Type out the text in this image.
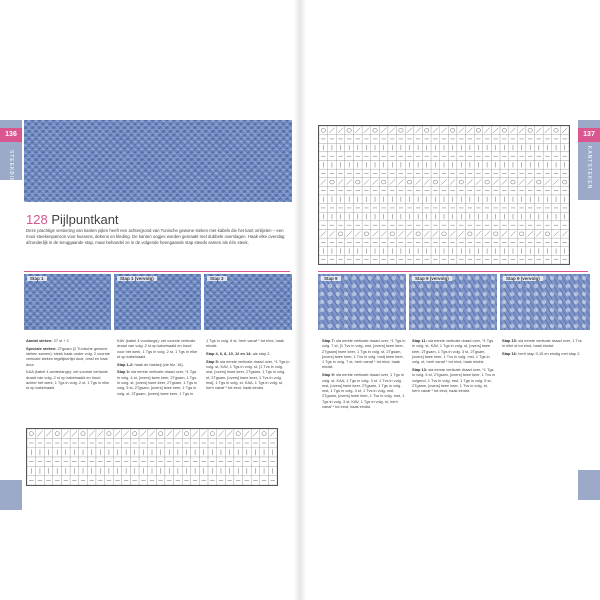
136
STEEKBIB
128 Pijlpuntkant
Deze prachtige versiering van kanten pijlen heeft een achtergrond van Tunische gewone steken met kabels die het kant omlijsten – een mooi steekenpatroon voor kussens, dekens en kleding. De kanten oogjes worden gemaakt met dubbele overslagen. Haak elke overslag afzonderlijk in de teruggaande stap, maar behandel ze in de volgende heengaande stap steeds samen als één steek.
Stap 1	Stap 1 (vervolg)	Stap 3

Aantal steken: 27 st + 2.

Speciale steken: 2Tgsam (2 Tunische gewone steken samen): steek haak onder volg. 2 voorste verticale steken tegelijkertijd door, omsl en haal door.

KAA (kabel 4 achterlangs): zet voorste verticale draad van volg. 2 st op kabelnaald en houd achter het werk, 1 Tgs in volg. 2 st, 1 Tgs in elke st op kabelnaald.

KAV (kabel 4 voorlangs): zet voorste verticale draad van volg. 2 st op kabelnaald en houd voor het werk, 1 Tgs in volg. 2 st, 1 Tgs in elke st op kabelnaald.

Stap 1-2: haak de basisrij (zie blz. 16).

Stap 3: sla eerste verticale draad over, *1 Tgs in volg. 4 st, [overs] twee keer, 2Tgsam, 1 Tgs in volg. st, [overs] twee keer, 2Tgsam, 1 Tgs in volg. 5 st, 2Tgsam, [overs] twee keer, 1 Tgs in volg. st, 2Tgsam, [overs] twee keer, 1 Tgs in

1 Tgs in volg. 6 st, herh vanaf * tot eind, haak eindst.

Stap 4, 6, 8, 10, 12 en 14: als stap 2.

Stap 5: sla eerste verticale draad over, *1 Tgs in volg. st, KAV, 1 Tgs in volg. st, [1 Tvs in volg. mst, [overs] twee keer, 2Tgsam, 1 Tgs in volg. st, 2Tgsam, [overs] twee keer, 1 Tvs in volg. mst], 1 Tgs in volg. st, KAA, 1 Tgs in volg. st, herh vanaf * tot eind, haak eindst.

137
KANTSTEKEN
Stap 9	Stap 9 (vervolg)	Stap 9 (vervolg)

Stap 7: sla eerste verticale draad over, *1 Tgs in volg. 7 st, [1 Tvs in volg. mst, [overs] twee keer, 2Tgsam] twee keer, 1 Tgs in volg. st, 2Tgsam, [overs] twee keer, 1 Tvs in volg. mst] twee keer, 1 Tgs in volg. 7 st, herh vanaf * tot eind, haak eindst.

Stap 9: sla eerste verticale draad over, 1 Tgs in volg. st, KAA, 1 Tgs in volg. 3 st, 1 Tvs in volg. mst, [overs] twee keer, 2Tgsam, 1 Tgs in volg. mst, 1 Tgs in volg. 3 st, 1 Tvs in volg. mst, 2Tgsam, [overs] twee keer, 1 Tvs in volg. mst, 1 Tgs in volg. 3 st, KAV, 1 Tgs in volg. st, herh vanaf * tot eind, haak eindst.

Stap 11: sla eerste verticale draad over, *1 Tgs in volg. st, KAV, 1 Tgs in volg. st, [overs] twee keer, 2Tgsam, 1 Tgs in volg. 3 st, 2Tgsam, [overs] twee keer, 1 Tvs in volg. mst, 1 Tgs in volg. st, herh vanaf * tot eind, haak eindst.

Stap 13: sla eerste verticale draad over, *1 Tgs in volg. 4 st, 2Tgsam, [overs] twee keer, 1 Tvs in volgend, 1 Tvs in volg. mst, 1 Tgs in volg. 5 st, 2Tgsam, [overs] twee keer, 1 Tvs in volg. st, herh vanaf * tot eind, haak eindst.

Stap 15: sla eerste verticale draad over, 1 Tvs in elke st tot eind, haak eindst.

Stap 16: herh stap 3-15 en eindig met stap 2.
